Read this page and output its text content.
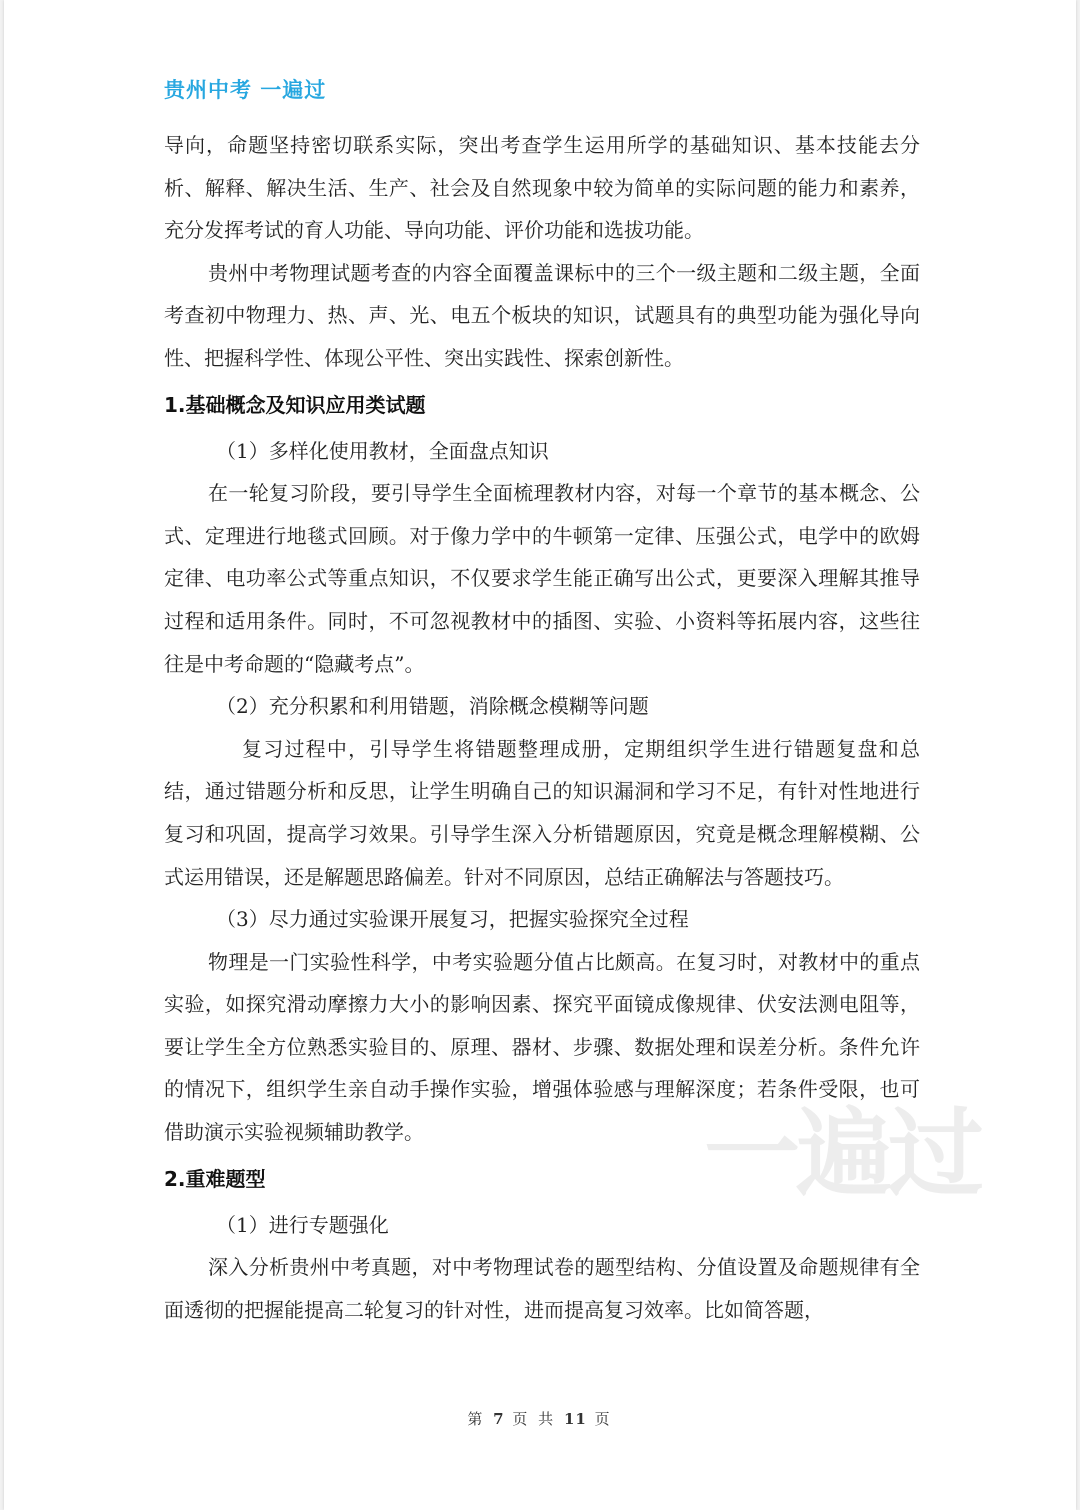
贵州中考 一遍过
一遍过

导向，命题坚持密切联系实际，突出考查学生运用所学的基础知识、基本技能去分析、解释、解决生活、生产、社会及自然现象中较为简单的实际问题的能力和素养，充分发挥考试的育人功能、导向功能、评价功能和选拔功能。

贵州中考物理试题考查的内容全面覆盖课标中的三个一级主题和二级主题，全面考查初中物理力、热、声、光、电五个板块的知识，试题具有的典型功能为强化导向性、把握科学性、体现公平性、突出实践性、探索创新性。

1.基础概念及知识应用类试题

（1）多样化使用教材，全面盘点知识

在一轮复习阶段，要引导学生全面梳理教材内容，对每一个章节的基本概念、公式、定理进行地毯式回顾。对于像力学中的牛顿第一定律、压强公式，电学中的欧姆定律、电功率公式等重点知识，不仅要求学生能正确写出公式，更要深入理解其推导过程和适用条件。同时，不可忽视教材中的插图、实验、小资料等拓展内容，这些往往是中考命题的“隐藏考点”。

（2）充分积累和利用错题，消除概念模糊等问题

复习过程中，引导学生将错题整理成册，定期组织学生进行错题复盘和总结，通过错题分析和反思，让学生明确自己的知识漏洞和学习不足，有针对性地进行复习和巩固，提高学习效果。引导学生深入分析错题原因，究竟是概念理解模糊、公式运用错误，还是解题思路偏差。针对不同原因，总结正确解法与答题技巧。

（3）尽力通过实验课开展复习，把握实验探究全过程

物理是一门实验性科学，中考实验题分值占比颇高。在复习时，对教材中的重点实验，如探究滑动摩擦力大小的影响因素、探究平面镜成像规律、伏安法测电阻等，要让学生全方位熟悉实验目的、原理、器材、步骤、数据处理和误差分析。条件允许的情况下，组织学生亲自动手操作实验，增强体验感与理解深度；若条件受限，也可借助演示实验视频辅助教学。

2.重难题型

（1）进行专题强化

深入分析贵州中考真题，对中考物理试卷的题型结构、分值设置及命题规律有全面透彻的把握能提高二轮复习的针对性，进而提高复习效率。比如简答题，

第 7 页 共 11 页
